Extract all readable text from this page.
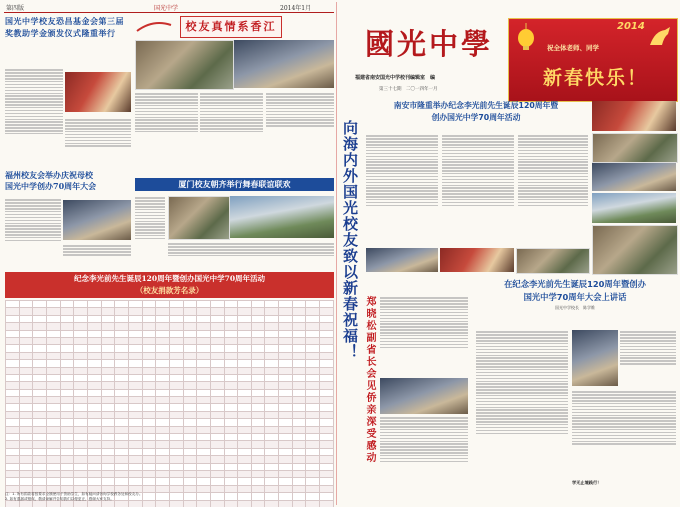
第四版	国光中学	2014年1月
国光中学校友恐昌基金会第三届
奖教助学金颁发仪式隆重举行	校友真情系香江
福州校友会举办庆祝母校
国光中学创办70周年大会	厦门校友朝齐举行舞春联谊联欢
纪念李光前先生诞辰120周年暨创办国光中学70周年活动
（校友捐款芳名录）

注：1. 所有捐款将按要求全额使用于资助学生，如有疑问请咨询学校教务处和校友办。
2. 如有遗漏或错误，敬请谅解并告知我们以便更正，感谢大家支持。
向海内外国光校友致以新春祝福！
郑晓松副省长会见侨亲深受感动
國光中學
福建省南安国光中学校刊编辑室　编
第三十七期　二〇一四年一月
2014
祝全体老师、同学
新春快乐！
南安市隆重举办纪念李光前先生诞辰120周年暨
创办国光中学70周年活动
在纪念李光前先生诞辰120周年暨创办
国光中学70周年大会上讲话
国光中学校长　陈学维
学无止境践行！
